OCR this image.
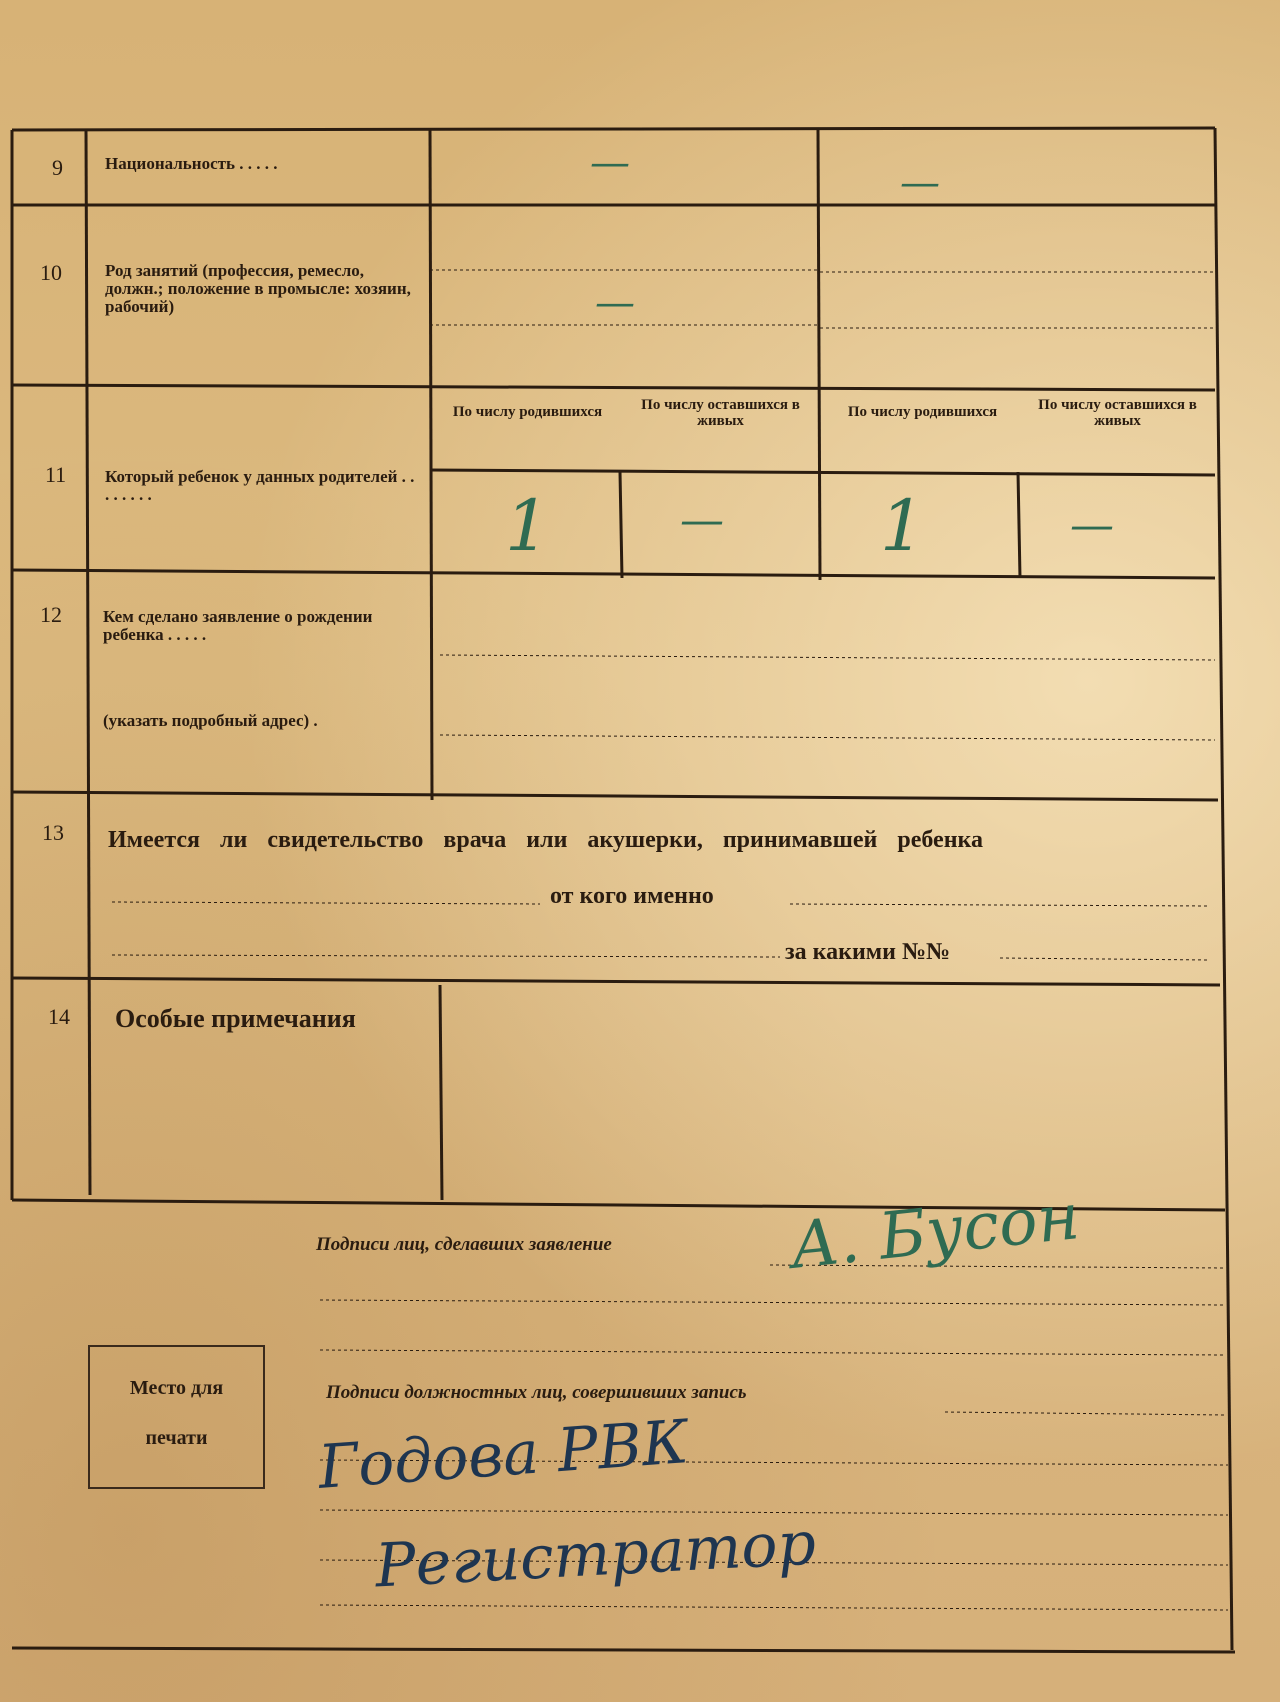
9 Национальность . . . . .	—	—
10	Род занятий (профессия, ремесло, должн.; положение в промысле: хозяин, рабочий)	—
11 Который ребенок у данных родителей . . . . . . . .
По числу родившихся	По числу оставшихся в живых
По числу родившихся	По числу оставшихся в живых
1	— 1	—
12 Кем сделано заявление о рождении ребенка . . . . .
(указать подробный адрес) .
13 Имеется ли свидетельство врача или акушерки, принимавшей ребенка
от кого именно
за какими №№
14 Особые примечания
Подписи лиц, сделавших заявление	А. Бусон
Подписи должностных лиц, совершивших запись
Годова РВК
Регистратор
Место для
печати
